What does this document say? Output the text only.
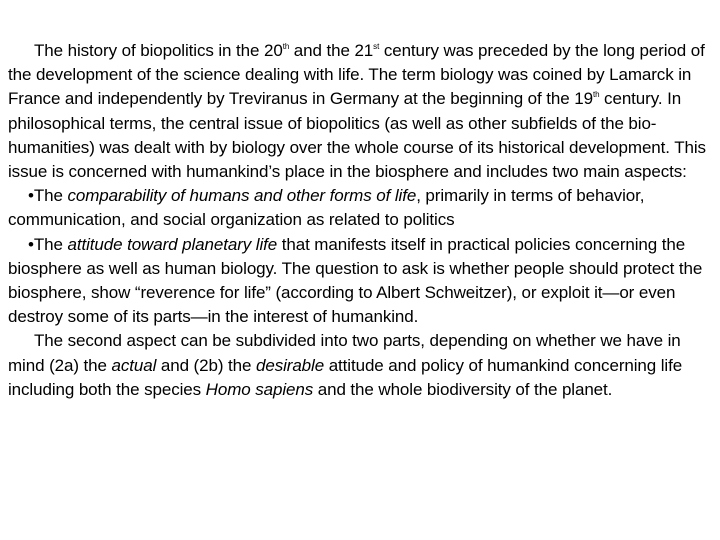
The history of biopolitics in the 20th and the 21st century was preceded by the long period of the development of the science dealing with life. The term biology was coined by Lamarck in France and independently by Treviranus in Germany at the beginning of the 19th century. In philosophical terms, the central issue of biopolitics (as well as other subfields of the bio-humanities) was dealt with by biology over the whole course of its historical development. This issue is concerned with humankind’s place in the biosphere and includes two main aspects:

•The comparability of humans and other forms of life, primarily in terms of behavior, communication, and social organization as related to politics

•The attitude toward planetary life that manifests itself in practical policies concerning the biosphere as well as human biology. The question to ask is whether people should protect the biosphere, show “reverence for life” (according to Albert Schweitzer), or exploit it—or even destroy some of its parts—in the interest of humankind.

The second aspect can be subdivided into two parts, depending on whether we have in mind (2a) the actual and (2b) the desirable attitude and policy of humankind concerning life including both the species Homo sapiens and the whole biodiversity of the planet.
